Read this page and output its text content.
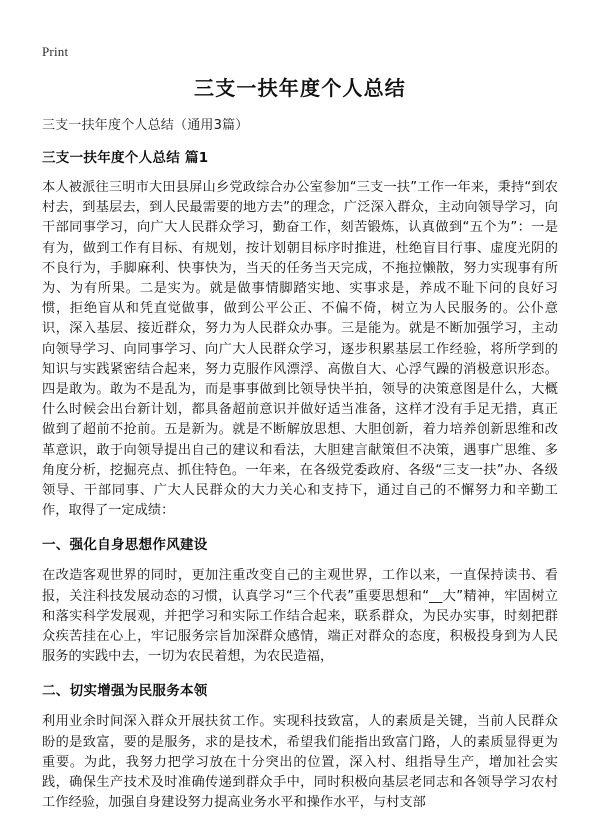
Print
三支一扶年度个人总结

三支一扶年度个人总结（通用3篇）

三支一扶年度个人总结 篇1

本人被派往三明市大田县屏山乡党政综合办公室参加“三支一扶”工作一年来，秉持“到农村去，到基层去，到人民最需要的地方去”的理念，广泛深入群众，主动向领导学习，向干部同事学习，向广大人民群众学习，勤奋工作，刻苦锻炼，认真做到“五个为”：一是有为，做到工作有目标、有规划，按计划朝目标序时推进，杜绝盲目行事、虚度光阴的不良行为，手脚麻利、快事快为，当天的任务当天完成，不拖拉懒散，努力实现事有所为、为有所果。二是实为。就是做事情脚踏实地、实事求是，养成不耻下问的良好习惯，拒绝盲从和凭直觉做事，做到公平公正、不偏不倚，树立为人民服务的。公仆意识，深入基层、接近群众，努力为人民群众办事。三是能为。就是不断加强学习，主动向领导学习、向同事学习、向广大人民群众学习，逐步积累基层工作经验，将所学到的知识与实践紧密结合起来，努力克服作风漂浮、高傲自大、心浮气躁的消极意识形态。四是敢为。敢为不是乱为，而是事事做到比领导快半拍，领导的决策意图是什么，大概什么时候会出台新计划，都具备超前意识并做好适当准备，这样才没有手足无措，真正做到了超前不抢前。五是新为。就是不断解放思想、大胆创新，着力培养创新思维和改革意识，敢于向领导提出自己的建议和看法，大胆建言献策但不决策，遇事广思维、多角度分析，挖掘亮点、抓住特色。一年来，在各级党委政府、各级“三支一扶”办、各级领导、干部同事、广大人民群众的大力关心和支持下，通过自己的不懈努力和辛勤工作，取得了一定成绩：

一、强化自身思想作风建设

在改造客观世界的同时，更加注重改变自己的主观世界，工作以来，一直保持读书、看报，关注科技发展动态的习惯，认真学习“三个代表”重要思想和“__大”精神，牢固树立和落实科学发展观，并把学习和实际工作结合起来，联系群众，为民办实事，时刻把群众疾苦挂在心上，牢记服务宗旨加深群众感情，端正对群众的态度，积极投身到为人民服务的实践中去，一切为农民着想，为农民造福，

二、切实增强为民服务本领

利用业余时间深入群众开展扶贫工作。实现科技致富，人的素质是关键，当前人民群众盼的是致富，要的是服务，求的是技术，希望我们能指出致富门路，人的素质显得更为重要。为此，我努力把学习放在十分突出的位置，深入村、组指导生产，增加社会实践，确保生产技术及时准确传递到群众手中，同时积极向基层老同志和各领导学习农村工作经验，加强自身建设努力提高业务水平和操作水平，与村支部
